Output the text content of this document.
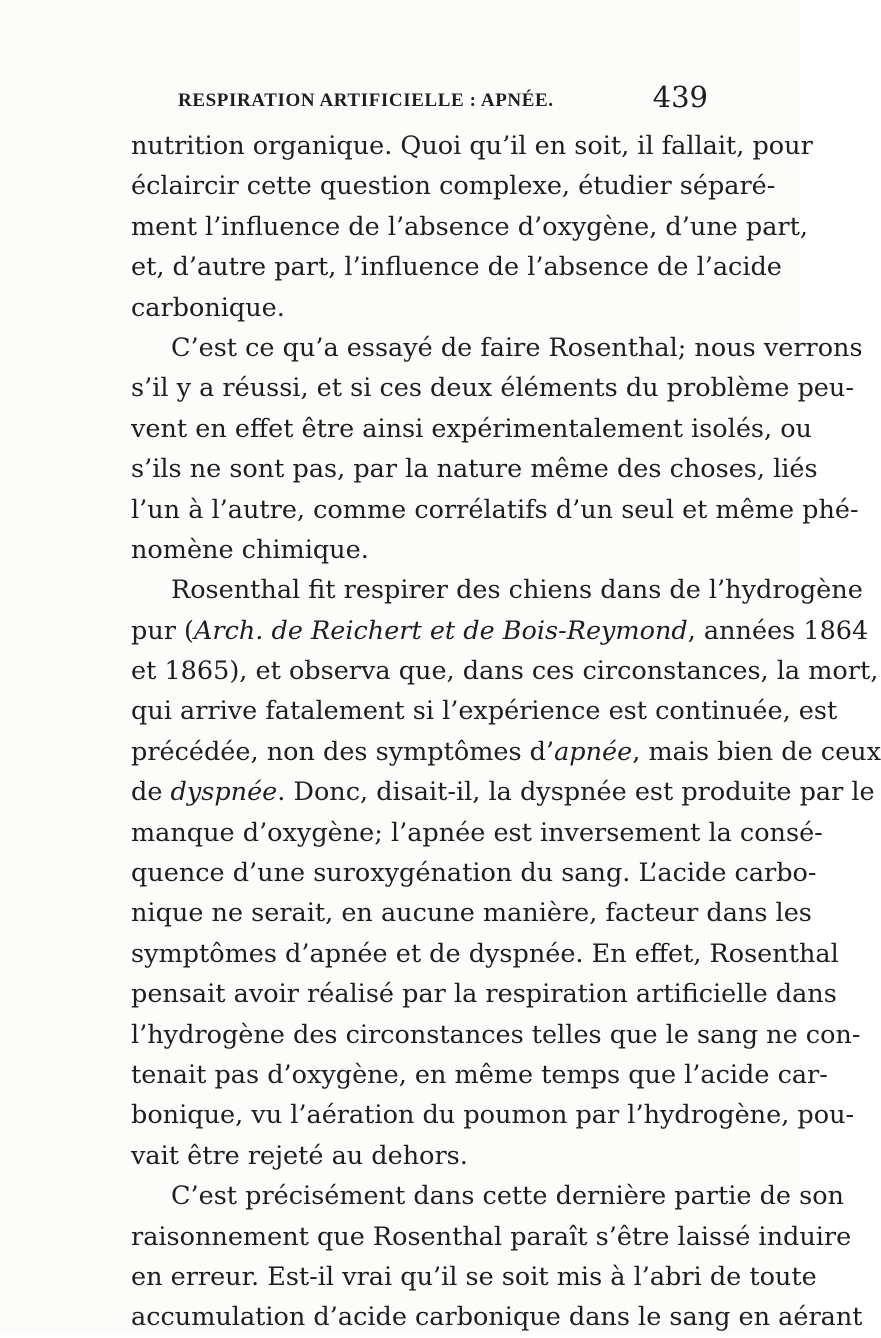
RESPIRATION ARTIFICIELLE : APNÉE.	439
nutrition organique. Quoi qu’il en soit, il fallait, pour
éclaircir cette question complexe, étudier séparé-
ment l’influence de l’absence d’oxygène, d’une part,
et, d’autre part, l’influence de l’absence de l’acide
carbonique.
C’est ce qu’a essayé de faire Rosenthal; nous verrons
s’il y a réussi, et si ces deux éléments du problème peu-
vent en effet être ainsi expérimentalement isolés, ou
s’ils ne sont pas, par la nature même des choses, liés
l’un à l’autre, comme corrélatifs d’un seul et même phé-
nomène chimique.
Rosenthal fit respirer des chiens dans de l’hydrogène
pur (Arch. de Reichert et de Bois-Reymond, années 1864
et 1865), et observa que, dans ces circonstances, la mort,
qui arrive fatalement si l’expérience est continuée, est
précédée, non des symptômes d’apnée, mais bien de ceux
de dyspnée. Donc, disait-il, la dyspnée est produite par le
manque d’oxygène; l’apnée est inversement la consé-
quence d’une suroxygénation du sang. L’acide carbo-
nique ne serait, en aucune manière, facteur dans les
symptômes d’apnée et de dyspnée. En effet, Rosenthal
pensait avoir réalisé par la respiration artificielle dans
l’hydrogène des circonstances telles que le sang ne con-
tenait pas d’oxygène, en même temps que l’acide car-
bonique, vu l’aération du poumon par l’hydrogène, pou-
vait être rejeté au dehors.
C’est précisément dans cette dernière partie de son
raisonnement que Rosenthal paraît s’être laissé induire
en erreur. Est-il vrai qu’il se soit mis à l’abri de toute
accumulation d’acide carbonique dans le sang en aérant
